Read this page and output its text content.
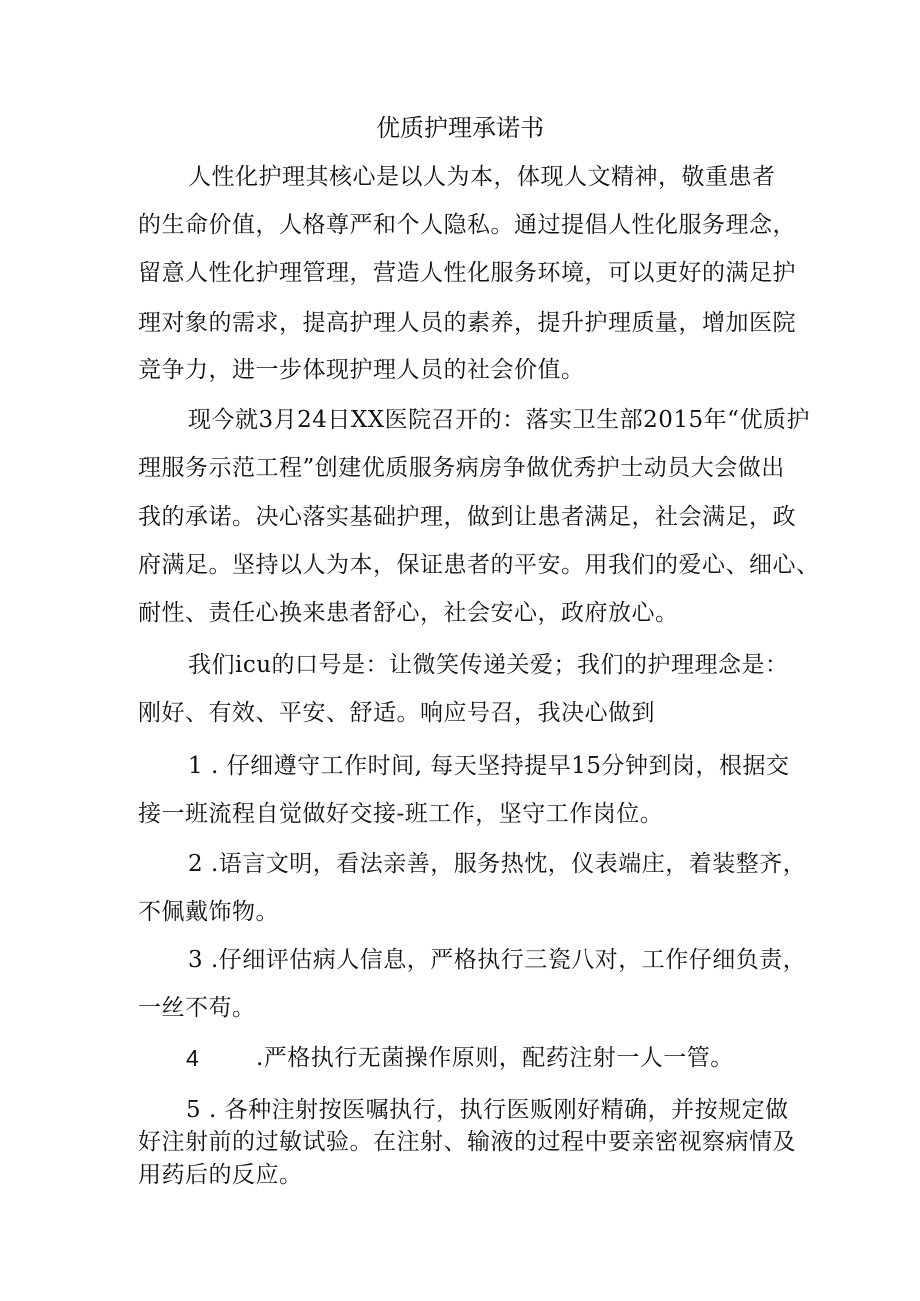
优质护理承诺书
人性化护理其核心是以人为本，体现人文精神，敬重患者
的生命价值，人格尊严和个人隐私。通过提倡人性化服务理念，
留意人性化护理管理，营造人性化服务环境，可以更好的满足护
理对象的需求，提高护理人员的素养，提升护理质量，增加医院
竞争力，进一步体现护理人员的社会价值。
现今就3月24日XX医院召开的：落实卫生部2015年“优质护
理服务示范工程”创建优质服务病房争做优秀护士动员大会做出
我的承诺。决心落实基础护理，做到让患者满足，社会满足，政
府满足。坚持以人为本，保证患者的平安。用我们的爱心、细心、
耐性、责任心换来患者舒心，社会安心，政府放心。
我们icu的口号是：让微笑传递关爱；我们的护理理念是：
刚好、有效、平安、舒适。响应号召，我决心做到
1 . 仔细遵守工作时间, 每天坚持提早15分钟到岗，根据交
接一班流程自觉做好交接-班工作，坚守工作岗位。
2 .语言文明，看法亲善，服务热忱，仪表端庄，着装整齐，
不佩戴饰物。
3 .仔细评估病人信息，严格执行三瓷八对，工作仔细负责，
一丝不苟。
4 .严格执行无菌操作原则，配药注射一人一管。
5 . 各种注射按医嘱执行，执行医贩刚好精确，并按规定做
好注射前的过敏试验。在注射、输液的过程中要亲密视察病情及
用药后的反应。
